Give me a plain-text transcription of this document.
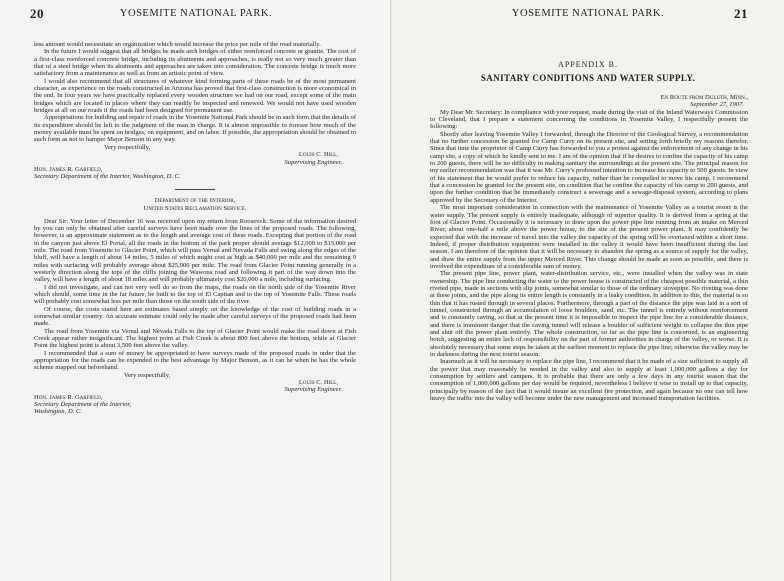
20	YOSEMITE NATIONAL PARK.

less amount would necessitate an organization which would increase the price per mile of the road materially.

In the future I would suggest that all bridges be made arch bridges of either reenforced concrete or granite. The cost of a first-class reenforced concrete bridge, including its abutments and approaches, is really not so very much greater than that of a steel bridge when its abutments and approaches are taken into consideration. The concrete bridge is much more satisfactory from a maintenance as well as from an artistic point of view.

I would also recommend that all structures of whatever kind forming parts of these roads be of the most permanent character, as experience on the roads constructed in Arizona has proved that first-class construction is more economical in the end. In four years we have practically replaced every wooden structure we had on our road, except some of the main bridges which are located in places where they can readily be inspected and renewed. We would not have used wooden bridges at all on our roads if the roads had been designed for permanent use.

Appropriations for building and repair of roads in the Yosemite National Park should be in such form that the details of its expenditure should be left to the judgment of the man in charge. It is almost impossible to foresee how much of the money available must be spent on bridges, on equipment, and on labor. If possible, the appropriation should be obtained in such form as not to hamper Major Benson in any way.

Very respectfully,

Louis C. Hill,

Supervising Engineer.

Hon. James R. Garfield,

Secretary Department of the Interior, Washington, D. C.

Department of the Interior,
United States Reclamation Service.

Dear Sir: Your letter of December 16 was received upon my return from Roosevelt. Some of the information desired by you can only be obtained after careful surveys have been made over the lines of the proposed roads. The following, however, is an approximate statement as to the length and average cost of these roads. Excepting that portion of the road in the canyon just above El Portal, all the roads in the bottom of the park proper should average $12,000 to $15,000 per mile. The road from Yosemite to Glacier Point, which will pass Vernal and Nevada Falls and swing along the edges of the bluff, will have a length of about 14 miles, 5 miles of which might cost as high as $40,000 per mile and the remaining 9 miles with surfacing will probably average about $25,000 per mile. The road from Glacier Point running generally in a westerly direction along the tops of the cliffs joining the Wawona road and following it part of the way down into the valley, will have a length of about 18 miles and will probably ultimately cost $20,000 a mile, including surfacing.

I did not investigate, and can not very well do so from the maps, the roads on the north side of the Yosemite River which should, some time in the far future, be built to the top of El Capitan and to the top of Yosemite Falls. These roads will probably cost somewhat less per mile than those on the south side of the river.

Of course, the costs stated here are estimates based simply on the knowledge of the cost of building roads in a somewhat similar country. An accurate estimate could only be made after careful surveys of the proposed roads had been made.

The road from Yosemite via Vernal and Nevada Falls to the top of Glacier Point would make the road down at Fish Creek appear rather insignificant. The highest point at Fish Creek is about 800 feet above the bottom, while at Glacier Point the highest point is about 3,500 feet above the valley.

I recommended that a sum of money be appropriated to have surveys made of the proposed roads in order that the appropriation for the roads can be expended to the best advantage by Major Benson, as it can be when he has the whole scheme mapped out beforehand.

Very respectfully,

Louis C. Hill,

Supervising Engineer.

Hon. James R. Garfield,

Secretary Department of the Interior,

Washington, D. C.

YOSEMITE NATIONAL PARK.	21
APPENDIX B.
SANITARY CONDITIONS AND WATER SUPPLY.

En Route from Duluth, Minn.,

September 27, 1907.

My Dear Mr. Secretary: In compliance with your request, made during the visit of the Inland Waterways Commission to Cleveland, that I prepare a statement concerning the conditions in Yosemite Valley, I respectfully present the following:

Shortly after leaving Yosemite Valley I forwarded, through the Director of the Geological Survey, a recommendation that no further concession be granted for Camp Curry on its present site, and setting forth briefly my reasons therefor. Since that time the proprietor of Camp Curry has forwarded to you a protest against the enforcement of any change in his camp site, a copy of which he kindly sent to me. I am of the opinion that if he desires to confine the capacity of his camp to 200 guests, there will be no difficulty in making sanitary the surroundings at the present site. The principal reason for my earlier recommendation was that it was Mr. Curry's professed intention to increase his capacity to 500 guests. In view of his statement that he would prefer to reduce his capacity, rather than be compelled to move his camp, I recommend that a concession be granted for the present site, on condition that he confine the capacity of his camp to 200 guests, and upon the further condition that he immediately construct a sewerage and a sewage-disposal system, according to plans approved by the Secretary of the Interior.

The most important consideration in connection with the maintenance of Yosemite Valley as a tourist resort is the water supply. The present supply is entirely inadequate, although of superior quality. It is derived from a spring at the foot of Glacier Point. Occasionally it is necessary to draw upon the power pipe line running from an intake on Merced River, about one-half a mile above the power house, to the site of the present power plant. It may confidently be expected that with the increase of travel into the valley the capacity of the spring will be overtaxed within a short time. Indeed, if proper distribution equipment were installed in the valley it would have been insufficient during the last season. I am therefore of the opinion that it will be necessary to abandon the spring as a source of supply for the valley, and draw the entire supply from the upper Merced River. This change should be made as soon as possible, and there is involved the expenditure of a considerable sum of money.

The present pipe line, power plant, water-distribution service, etc., were installed when the valley was in state ownership. The pipe line conducting the water to the power house is constructed of the cheapest possible material, a thin riveted pipe, made in sections with slip joints, somewhat similar to those of the ordinary stovepipe. No riveting was done at these joints, and the pipe along its entire length is constantly in a leaky condition. In addition to this, the material is so thin that it has rusted through in several places. Furthermore, through a part of the distance the pipe was laid in a sort of tunnel, constructed through an accumulation of loose boulders, sand, etc. The tunnel is entirely without reenforcement and is constantly caving, so that at the present time it is impossible to inspect the pipe line for a considerable distance, and there is imminent danger that the caving tunnel will release a boulder of sufficient weight to collapse the thin pipe and shut off the power plant entirely. The whole construction, so far as the pipe line is concerned, is an engineering botch, suggesting an entire lack of responsibility on the part of former authorities in charge of the valley, or worse. It is absolutely necessary that some steps be taken at the earliest moment to replace the pipe line; otherwise the valley may be in darkness during the next tourist season.

Inasmuch as it will be necessary to replace the pipe line, I recommend that it be made of a size sufficient to supply all the power that may reasonably be needed in the valley and also to supply at least 1,000,000 gallons a day for consumption by settlers and campers. It is probable that there are only a few days in any tourist season that the consumption of 1,000,000 gallons per day would be required, nevertheless I believe it wise to install up to that capacity, principally by reason of the fact that it would insure an excellent fire protection, and again because no one can tell how heavy the traffic into the valley will become under the new management and increased transportation facilities.
